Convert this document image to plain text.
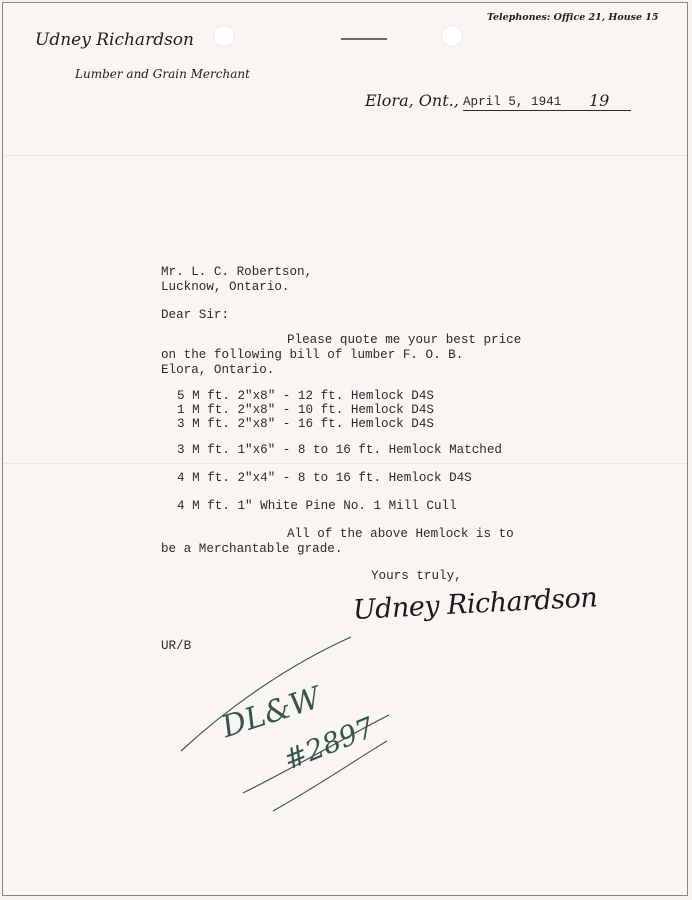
Udney Richardson
Lumber and Grain Merchant
Telephones: Office 21, House 15
Elora, Ont., April 5, 1941	19
Mr. L. C. Robertson,
Lucknow, Ontario.
Dear Sir:
Please quote me your best price
on the following bill of lumber F. O. B.
Elora, Ontario.
5 M ft. 2"x8" - 12 ft. Hemlock D4S
1 M ft. 2"x8" - 10 ft. Hemlock D4S
3 M ft. 2"x8" - 16 ft. Hemlock D4S
3 M ft. 1"x6" - 8 to 16 ft. Hemlock Matched
4 M ft. 2"x4" - 8 to 16 ft. Hemlock D4S
4 M ft. 1" White Pine No. 1 Mill Cull
All of the above Hemlock is to
be a Merchantable grade.
Yours truly,
Udney Richardson
UR/B
DL&W
#2897
